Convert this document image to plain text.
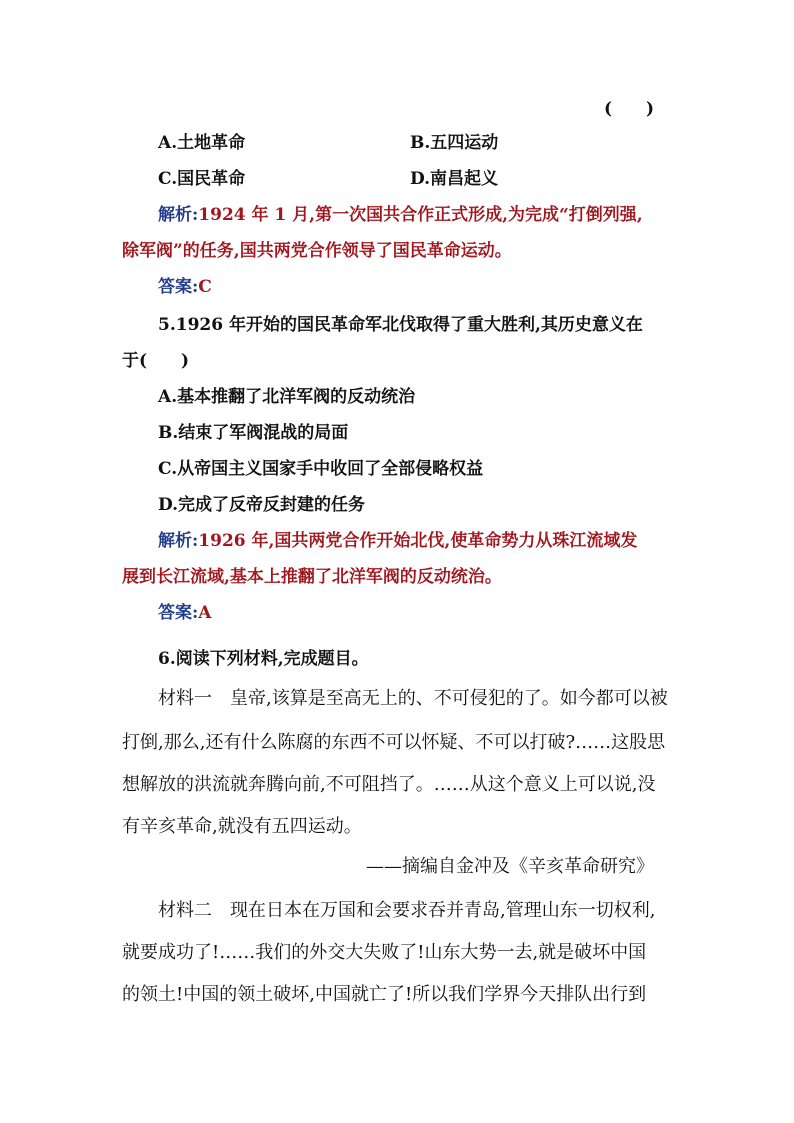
(　　)
A.土地革命	B.五四运动
C.国民革命	D.南昌起义
解析:1924 年 1 月,第一次国共合作正式形成,为完成“打倒列强,
除军阀”的任务,国共两党合作领导了国民革命运动。
答案:C
5.1926 年开始的国民革命军北伐取得了重大胜利,其历史意义在
于(　　)
A.基本推翻了北洋军阀的反动统治
B.结束了军阀混战的局面
C.从帝国主义国家手中收回了全部侵略权益
D.完成了反帝反封建的任务
解析:1926 年,国共两党合作开始北伐,使革命势力从珠江流域发
展到长江流域,基本上推翻了北洋军阀的反动统治。
答案:A
6.阅读下列材料,完成题目。
材料一　皇帝,该算是至高无上的、不可侵犯的了。如今都可以被
打倒,那么,还有什么陈腐的东西不可以怀疑、不可以打破?……这股思
想解放的洪流就奔腾向前,不可阻挡了。……从这个意义上可以说,没
有辛亥革命,就没有五四运动。
——摘编自金冲及《辛亥革命研究》
材料二　现在日本在万国和会要求吞并青岛,管理山东一切权利,
就要成功了!……我们的外交大失败了!山东大势一去,就是破坏中国
的领土!中国的领土破坏,中国就亡了!所以我们学界今天排队出行到
